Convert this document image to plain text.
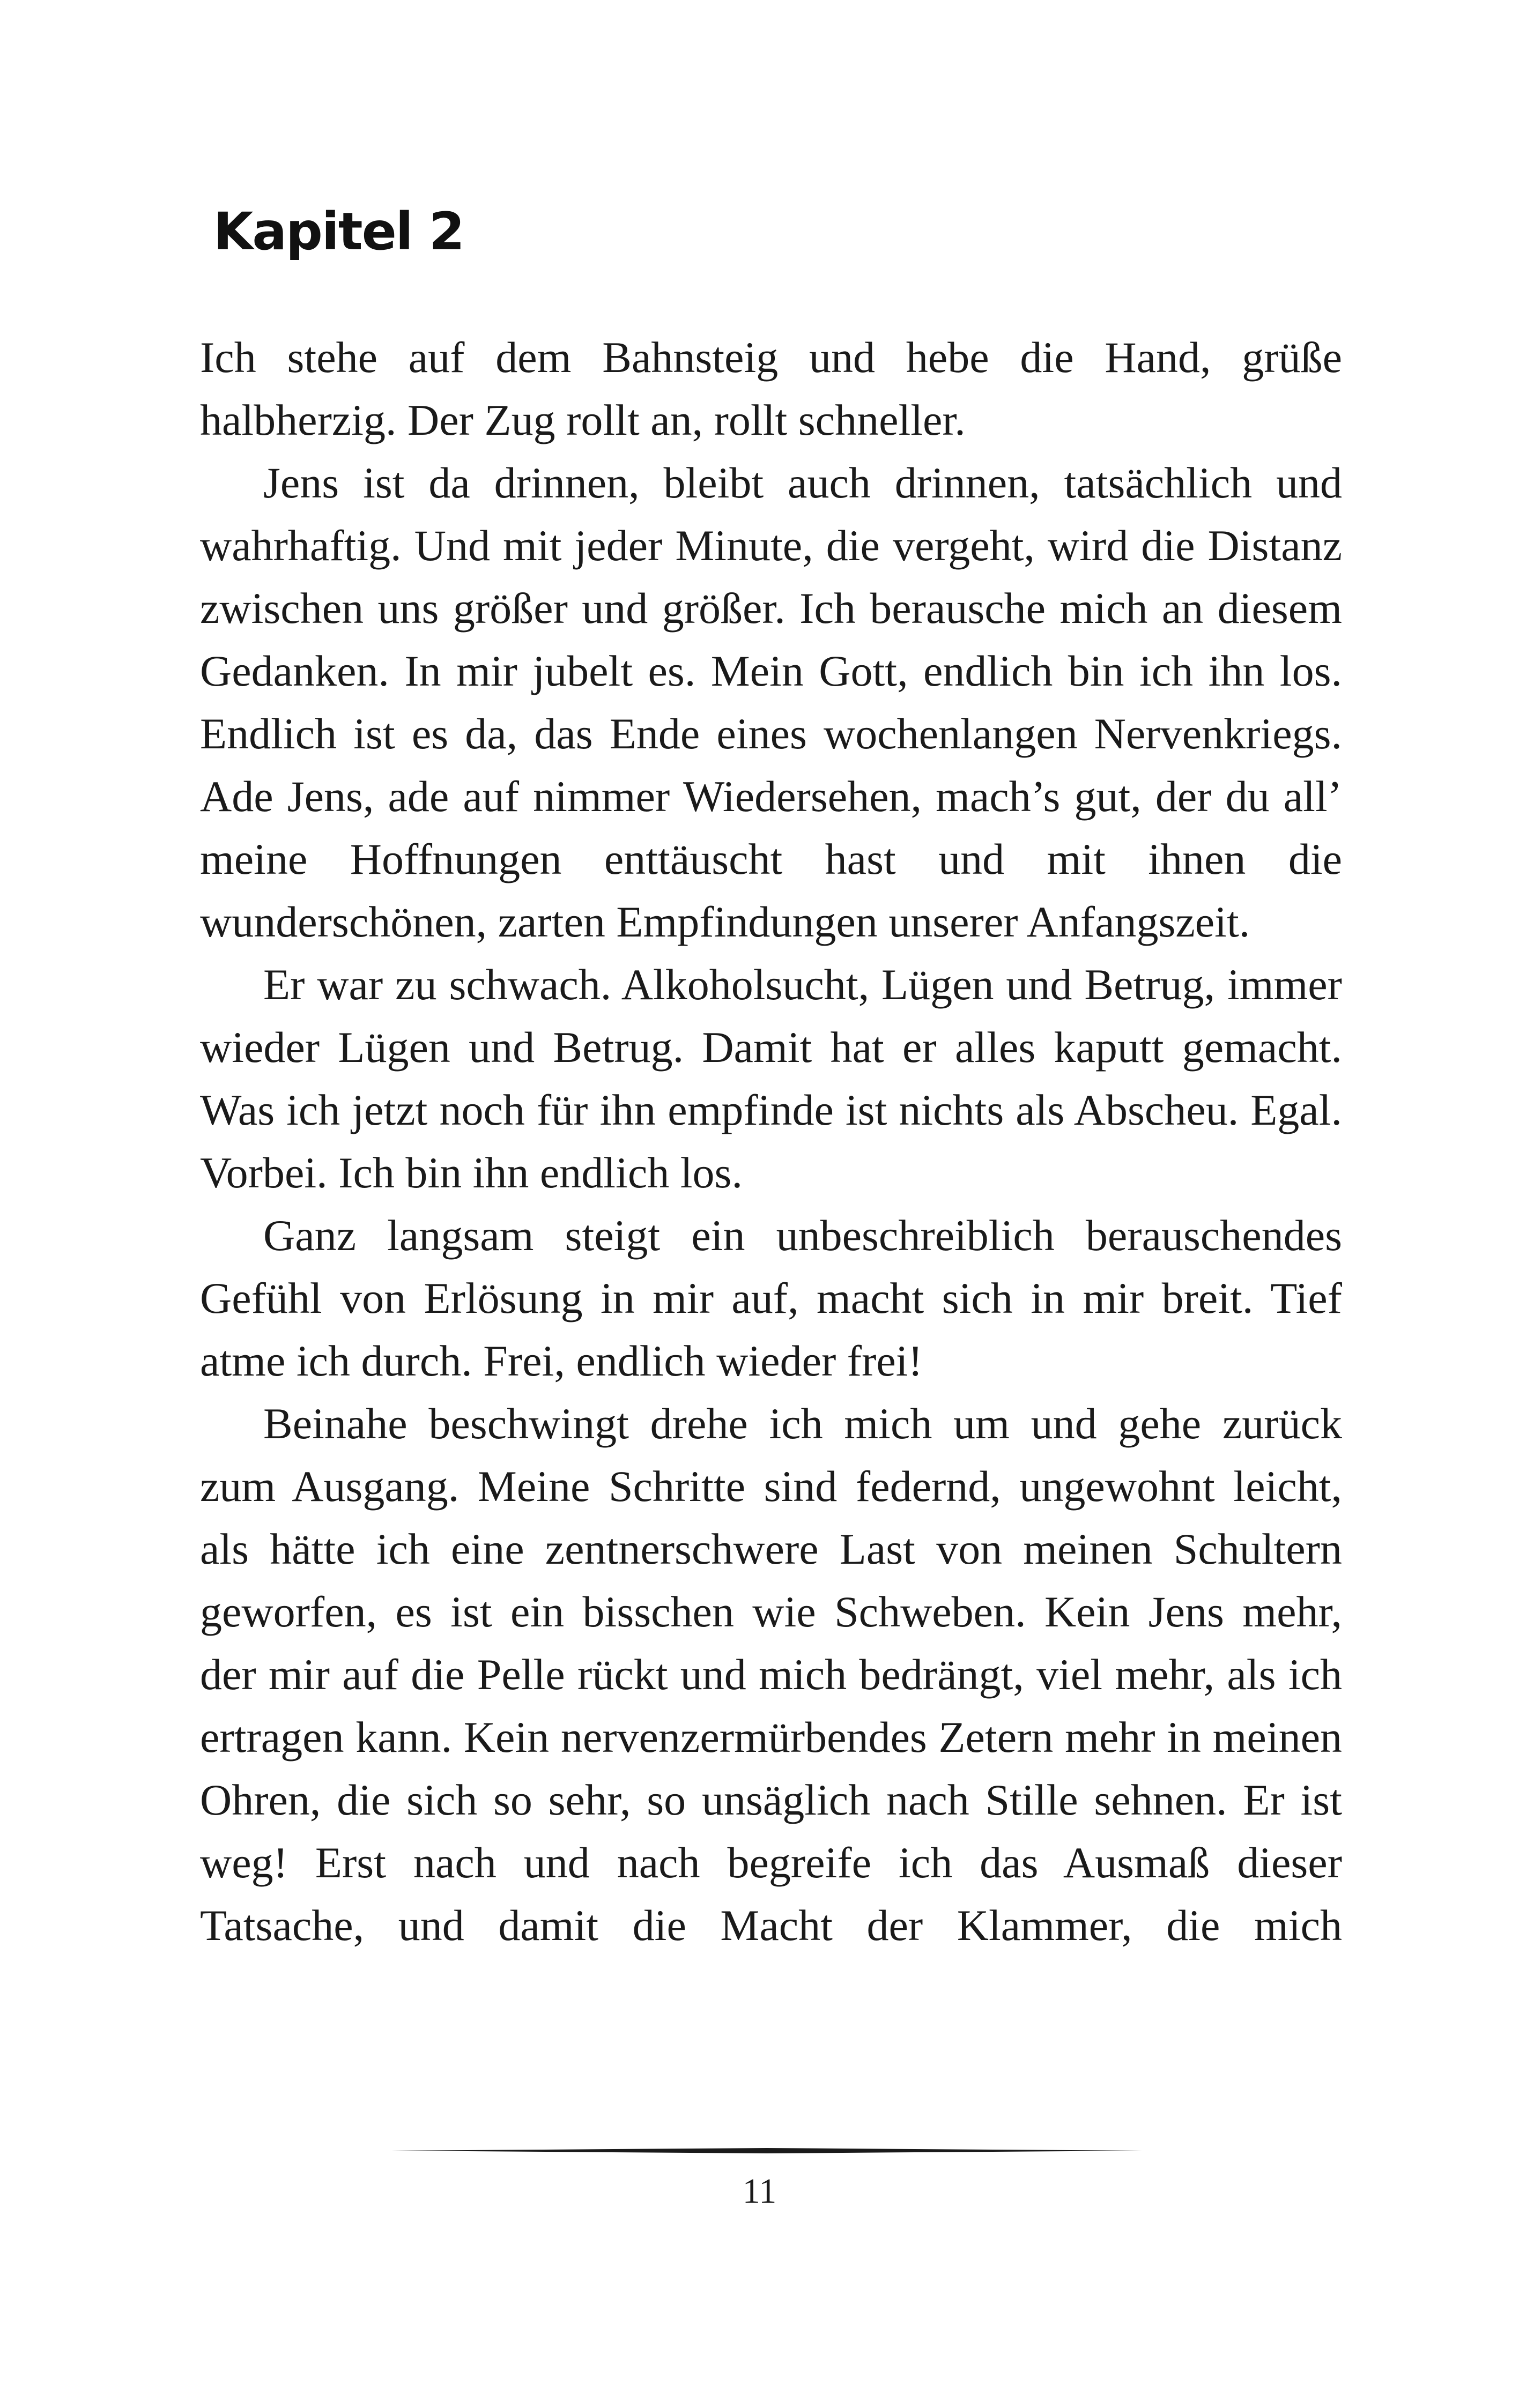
Kapitel 2

Ich stehe auf dem Bahnsteig und hebe die Hand, grüße halbherzig. Der Zug rollt an, rollt schneller.

Jens ist da drinnen, bleibt auch drinnen, tatsächlich und wahrhaftig. Und mit jeder Minute, die vergeht, wird die Distanz zwischen uns größer und größer. Ich berausche mich an diesem Gedanken. In mir jubelt es. Mein Gott, endlich bin ich ihn los. Endlich ist es da, das Ende eines wochenlangen Nervenkriegs. Ade Jens, ade auf nimmer Wiedersehen, mach’s gut, der du all’ meine Hoffnungen enttäuscht hast und mit ihnen die wunderschönen, zarten Empfindungen unserer Anfangszeit.

Er war zu schwach. Alkoholsucht, Lügen und Betrug, immer wieder Lügen und Betrug. Damit hat er alles kaputt gemacht. Was ich jetzt noch für ihn empfinde ist nichts als Abscheu. Egal. Vorbei. Ich bin ihn endlich los.

Ganz langsam steigt ein unbeschreiblich berauschendes Gefühl von Erlösung in mir auf, macht sich in mir breit. Tief atme ich durch. Frei, endlich wieder frei!

Beinahe beschwingt drehe ich mich um und gehe zurück zum Ausgang. Meine Schritte sind federnd, ungewohnt leicht, als hätte ich eine zentnerschwere Last von meinen Schultern geworfen, es ist ein bisschen wie Schweben. Kein Jens mehr, der mir auf die Pelle rückt und mich bedrängt, viel mehr, als ich ertragen kann. Kein nervenzermürbendes Zetern mehr in meinen Ohren, die sich so sehr, so unsäglich nach Stille sehnen. Er ist weg! Erst nach und nach begreife ich das Ausmaß dieser Tatsache, und damit die Macht der Klammer, die mich

11
